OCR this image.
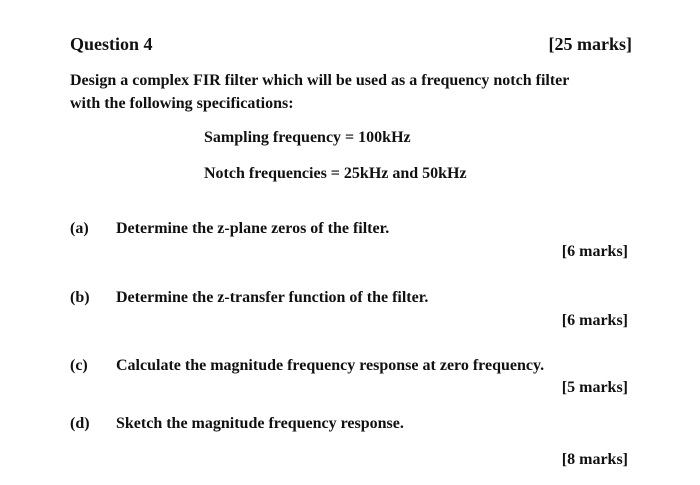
Question 4	[25 marks]
Design a complex FIR filter which will be used as a frequency notch filter
with the following specifications:
Sampling frequency = 100kHz
Notch frequencies = 25kHz and 50kHz
(a) Determine the z-plane zeros of the filter.
[6 marks]
(b) Determine the z-transfer function of the filter.
[6 marks]
(c) Calculate the magnitude frequency response at zero frequency.
[5 marks]
(d) Sketch the magnitude frequency response.
[8 marks]
